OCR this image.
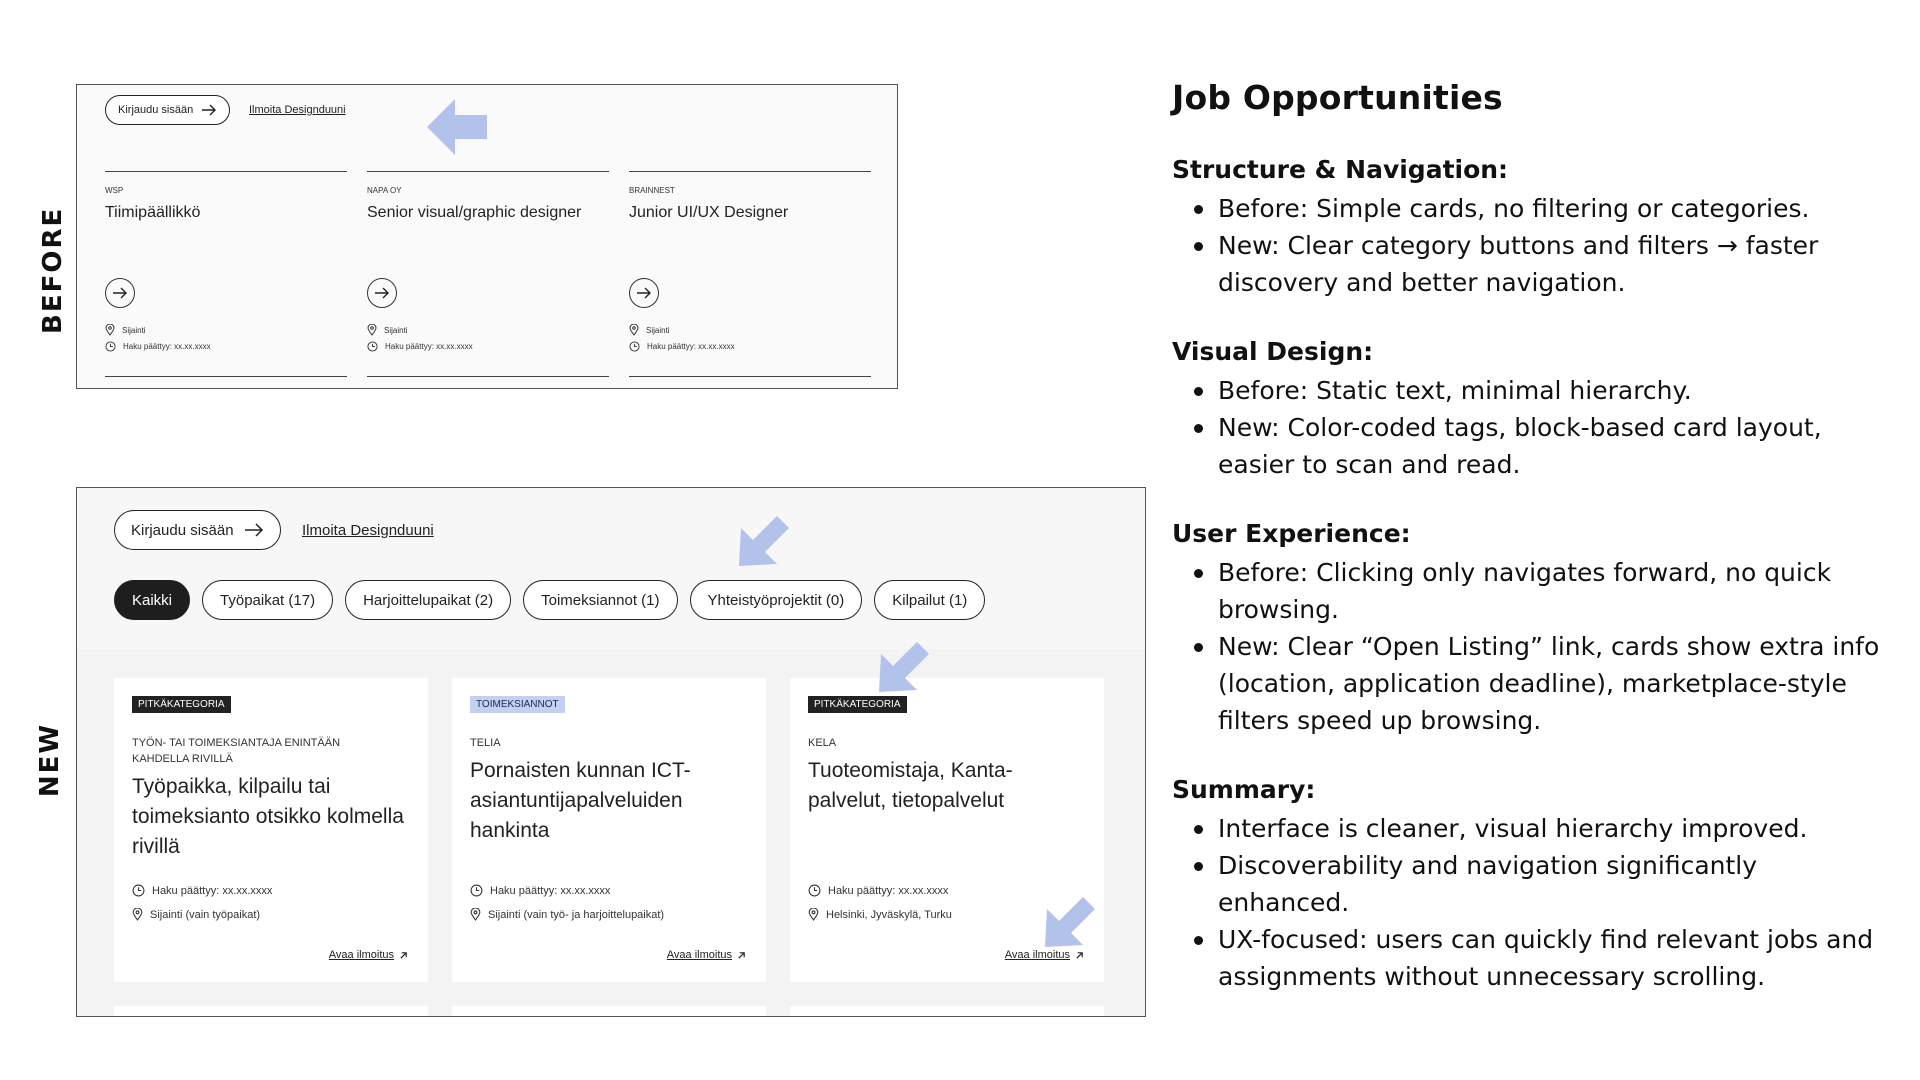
BEFORE
NEW
Kirjaudu sisään	Ilmoita Designduuni
WSP
Tiimipäällikkö
Sijainti
Haku päättyy: xx.xx.xxxx
NAPA OY
Senior visual/graphic designer
Sijainti
Haku päättyy: xx.xx.xxxx
BRAINNEST
Junior UI/UX Designer
Sijainti
Haku päättyy: xx.xx.xxxx
Kirjaudu sisään	Ilmoita Designduuni
Kaikki	Työpaikat (17)	Harjoittelupaikat (2)	Toimeksiannot (1)	Yhteistyöprojektit (0)	Kilpailut (1)
PITKÄKATEGORIA
TYÖN- TAI TOIMEKSIANTAJA ENINTÄÄN KAHDELLA RIVILLÄ
Työpaikka, kilpailu tai toimeksianto otsikko kolmella rivillä
Haku päättyy: xx.xx.xxxx
Sijainti (vain työpaikat)
Avaa ilmoitus
TOIMEKSIANNOT
TELIA
Pornaisten kunnan ICT-asiantuntijapalveluiden hankinta
Haku päättyy: xx.xx.xxxx
Sijainti (vain työ- ja harjoittelupaikat)
Avaa ilmoitus
PITKÄKATEGORIA
KELA
Tuoteomistaja, Kanta-palvelut, tietopalvelut
Haku päättyy: xx.xx.xxxx
Helsinki, Jyväskylä, Turku
Avaa ilmoitus
Job Opportunities
Structure & Navigation:
Before: Simple cards, no filtering or categories.
New: Clear category buttons and filters → faster discovery and better navigation.
Visual Design:
Before: Static text, minimal hierarchy.
New: Color-coded tags, block-based card layout, easier to scan and read.
User Experience:
Before: Clicking only navigates forward, no quick browsing.
New: Clear “Open Listing” link, cards show extra info (location, application deadline), marketplace-style filters speed up browsing.
Summary:
Interface is cleaner, visual hierarchy improved.
Discoverability and navigation significantly enhanced.
UX-focused: users can quickly find relevant jobs and assignments without unnecessary scrolling.
